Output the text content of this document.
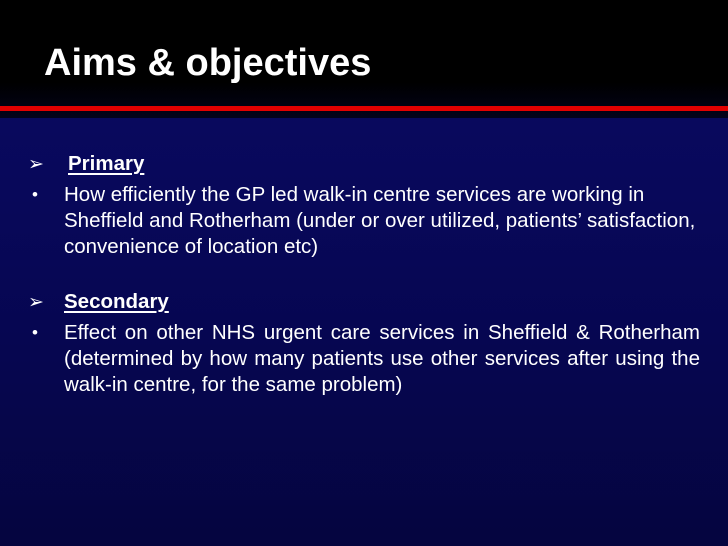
Aims & objectives
➢ Primary
• How efficiently the GP led walk-in centre services are working in Sheffield and Rotherham (under or over utilized, patients’ satisfaction, convenience of location etc)
➢ Secondary
• Effect on other NHS urgent care services in Sheffield & Rotherham (determined by how many patients use other services after using the walk-in centre, for the same problem)
